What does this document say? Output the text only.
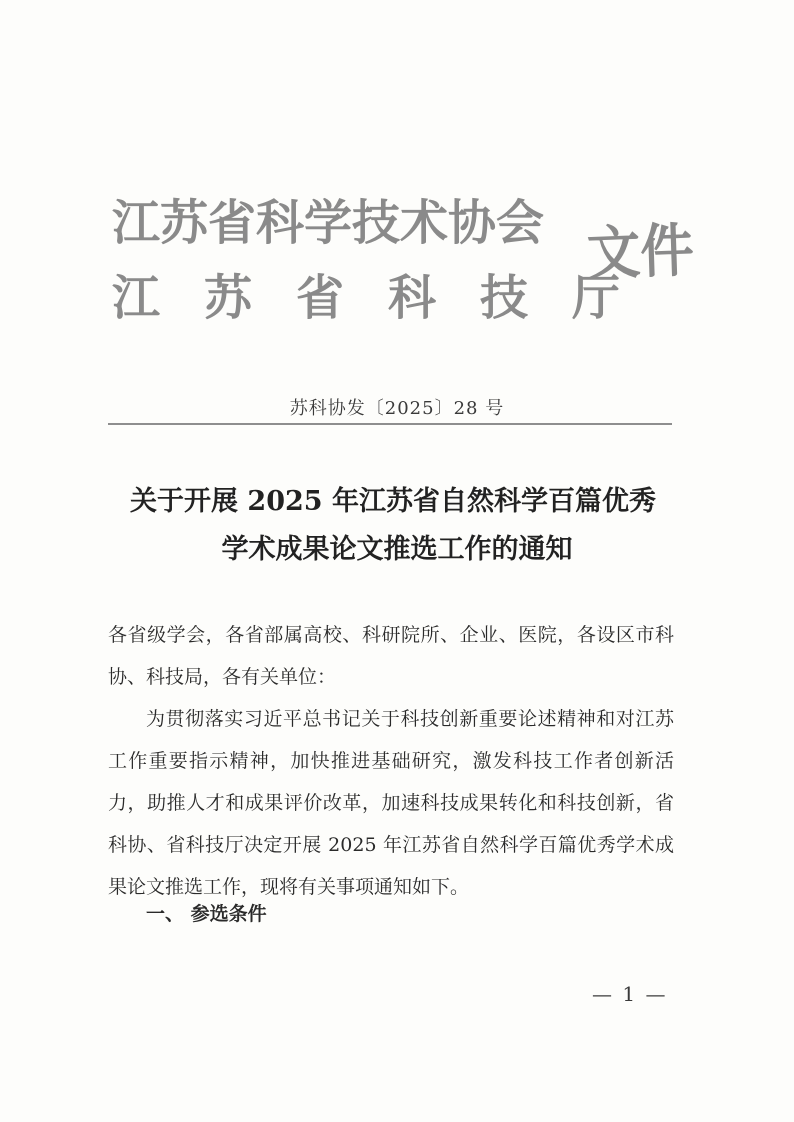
江苏省科学技术协会
江苏省科技厅
文件
苏科协发〔2025〕28 号
关于开展 2025 年江苏省自然科学百篇优秀
学术成果论文推选工作的通知
各省级学会，各省部属高校、科研院所、企业、医院，各设区市科协、科技局，各有关单位：
为贯彻落实习近平总书记关于科技创新重要论述精神和对江苏工作重要指示精神，加快推进基础研究，激发科技工作者创新活力，助推人才和成果评价改革，加速科技成果转化和科技创新，省科协、省科技厅决定开展 2025 年江苏省自然科学百篇优秀学术成果论文推选工作，现将有关事项通知如下。
一、 参选条件
— 1 —
